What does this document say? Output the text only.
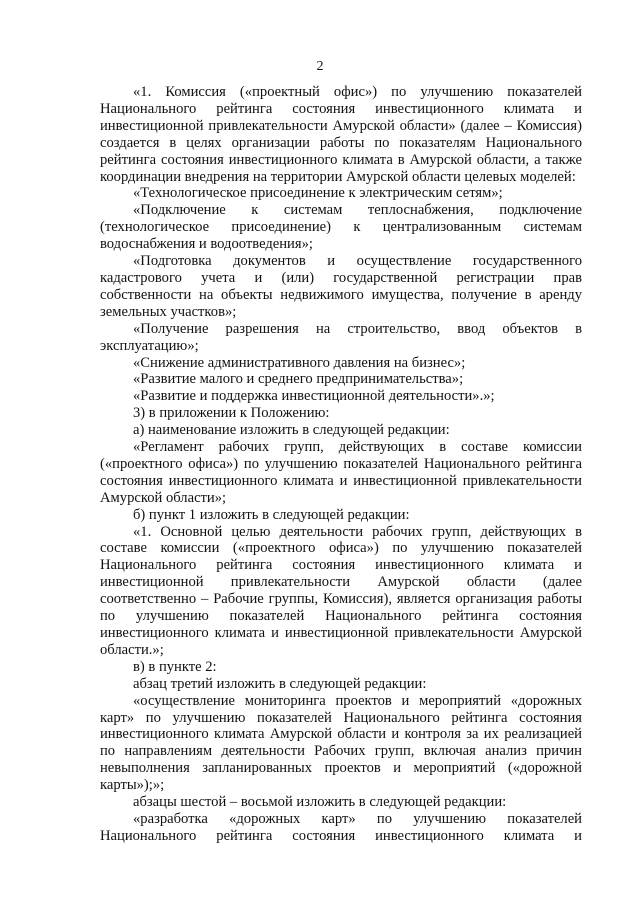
2

«1. Комиссия («проектный офис») по улучшению показателей Национального рейтинга состояния инвестиционного климата и инвестиционной привлекательности Амурской области» (далее – Комиссия) создается в целях организации работы по показателям Национального рейтинга состояния инвестиционного климата в Амурской области, а также координации внедрения на территории Амурской области целевых моделей:

«Технологическое присоединение к электрическим сетям»;

«Подключение к системам теплоснабжения, подключение (технологическое присоединение) к централизованным системам водоснабжения и водоотведения»;

«Подготовка документов и осуществление государственного кадастрового учета и (или) государственной регистрации прав собственности на объекты недвижимого имущества, получение в аренду земельных участков»;

«Получение разрешения на строительство, ввод объектов в эксплуатацию»;

«Снижение административного давления на бизнес»;

«Развитие малого и среднего предпринимательства»;

«Развитие и поддержка инвестиционной деятельности».»;

3) в приложении к Положению:

а) наименование изложить в следующей редакции:

«Регламент рабочих групп, действующих в составе комиссии («проектного офиса») по улучшению показателей Национального рейтинга состояния инвестиционного климата и инвестиционной привлекательности Амурской области»;

б) пункт 1 изложить в следующей редакции:

«1. Основной целью деятельности рабочих групп, действующих в составе комиссии («проектного офиса») по улучшению показателей Национального рейтинга состояния инвестиционного климата и инвестиционной привлекательности Амурской области (далее соответственно – Рабочие группы, Комиссия), является организация работы по улучшению показателей Национального рейтинга состояния инвестиционного климата и инвестиционной привлекательности Амурской области.»;

в) в пункте 2:

абзац третий изложить в следующей редакции:

«осуществление мониторинга проектов и мероприятий «дорожных карт» по улучшению показателей Национального рейтинга состояния инвестиционного климата Амурской области и контроля за их реализацией по направлениям деятельности Рабочих групп, включая анализ причин невыполнения запланированных проектов и мероприятий («дорожной карты»);»;

абзацы шестой – восьмой изложить в следующей редакции:

«разработка «дорожных карт» по улучшению показателей Национального рейтинга состояния инвестиционного климата и
